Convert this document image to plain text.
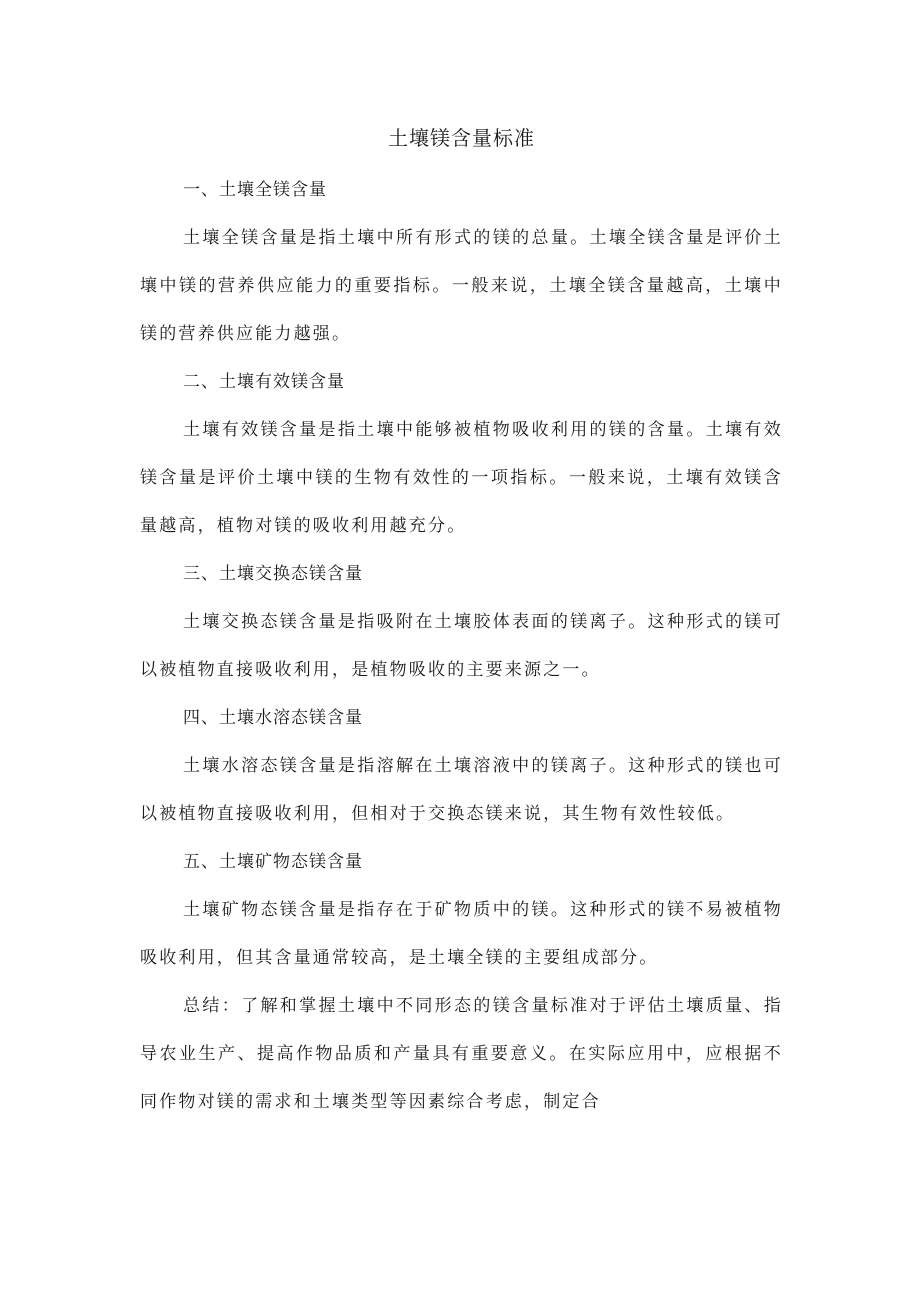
土壤镁含量标准

一、土壤全镁含量

土壤全镁含量是指土壤中所有形式的镁的总量。土壤全镁含量是评价土壤中镁的营养供应能力的重要指标。一般来说，土壤全镁含量越高，土壤中镁的营养供应能力越强。

二、土壤有效镁含量

土壤有效镁含量是指土壤中能够被植物吸收利用的镁的含量。土壤有效镁含量是评价土壤中镁的生物有效性的一项指标。一般来说，土壤有效镁含量越高，植物对镁的吸收利用越充分。

三、土壤交换态镁含量

土壤交换态镁含量是指吸附在土壤胶体表面的镁离子。这种形式的镁可以被植物直接吸收利用，是植物吸收的主要来源之一。

四、土壤水溶态镁含量

土壤水溶态镁含量是指溶解在土壤溶液中的镁离子。这种形式的镁也可以被植物直接吸收利用，但相对于交换态镁来说，其生物有效性较低。

五、土壤矿物态镁含量

土壤矿物态镁含量是指存在于矿物质中的镁。这种形式的镁不易被植物吸收利用，但其含量通常较高，是土壤全镁的主要组成部分。

总结：了解和掌握土壤中不同形态的镁含量标准对于评估土壤质量、指导农业生产、提高作物品质和产量具有重要意义。在实际应用中，应根据不同作物对镁的需求和土壤类型等因素综合考虑，制定合
